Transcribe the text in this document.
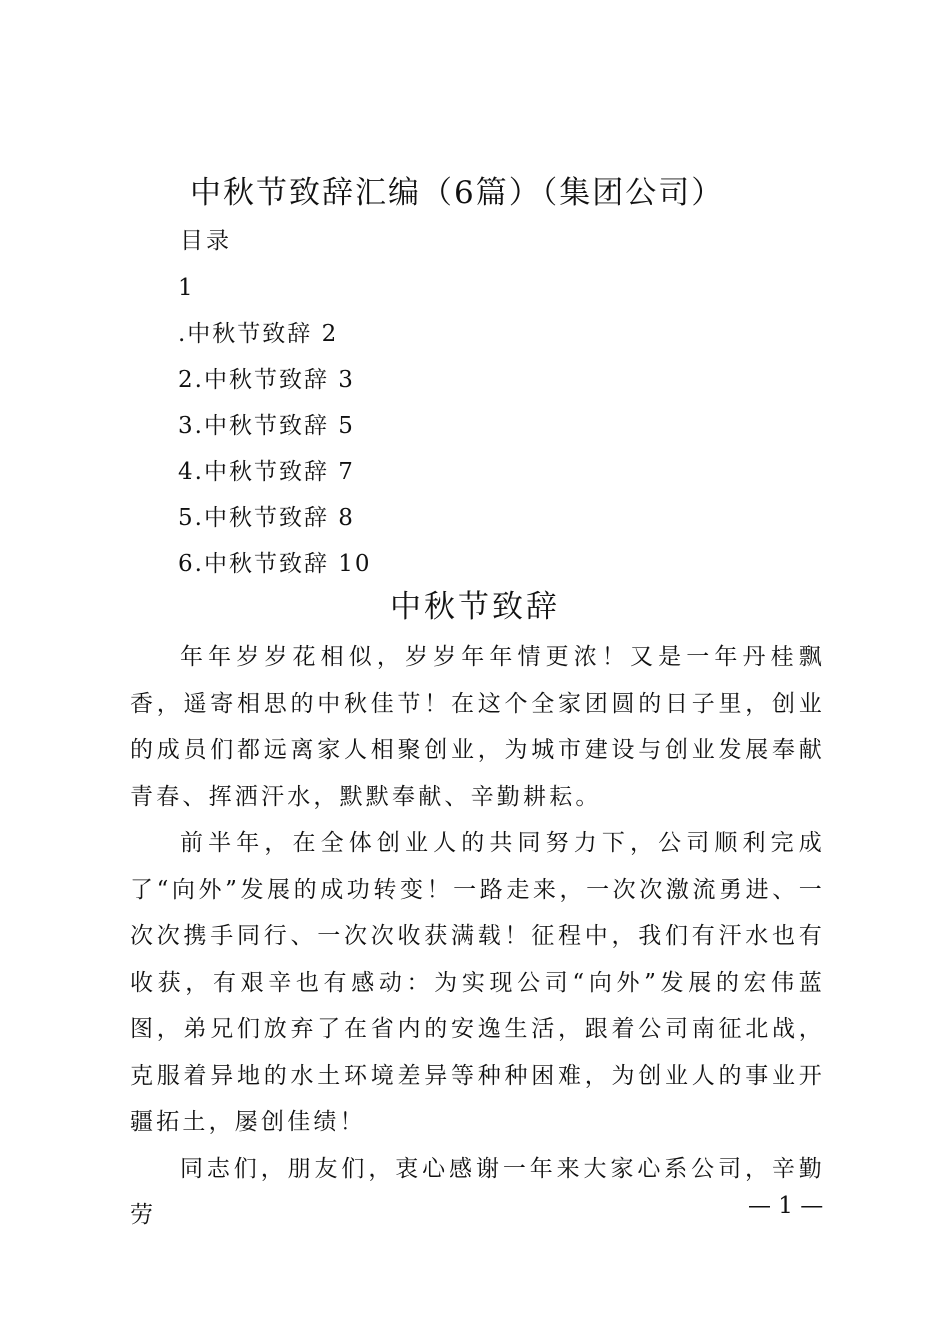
中秋节致辞汇编（6篇）（集团公司）
目录
1
.中秋节致辞 2
2.中秋节致辞 3
3.中秋节致辞 5
4.中秋节致辞 7
5.中秋节致辞 8
6.中秋节致辞 10
中秋节致辞

年年岁岁花相似，岁岁年年情更浓！又是一年丹桂飘香，遥寄相思的中秋佳节！在这个全家团圆的日子里，创业的成员们都远离家人相聚创业，为城市建设与创业发展奉献青春、挥洒汗水，默默奉献、辛勤耕耘。

前半年，在全体创业人的共同努力下，公司顺利完成了“向外”发展的成功转变！一路走来，一次次激流勇进、一次次携手同行、一次次收获满载！征程中，我们有汗水也有收获，有艰辛也有感动：为实现公司“向外”发展的宏伟蓝图，弟兄们放弃了在省内的安逸生活，跟着公司南征北战，克服着异地的水土环境差异等种种困难，为创业人的事业开疆拓土，屡创佳绩！

同志们，朋友们，衷心感谢一年来大家心系公司，辛勤劳	— 1 —
